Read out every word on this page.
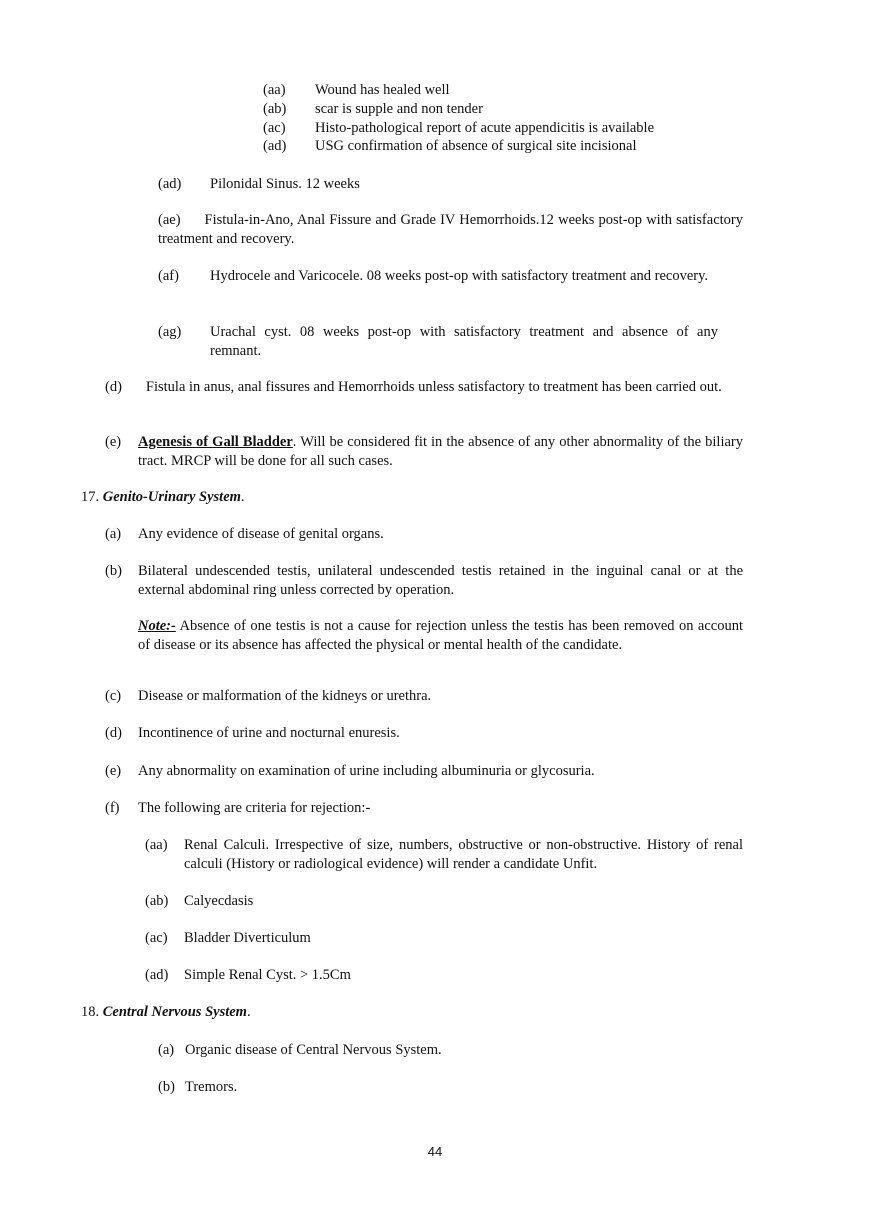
(aa)	Wound has healed well
(ab)	scar is supple and non tender
(ac)	Histo-pathological report of acute appendicitis is available
(ad)	USG confirmation of absence of surgical site incisional
(ad)	Pilonidal Sinus. 12 weeks
(ae) Fistula-in-Ano, Anal Fissure and Grade IV Hemorrhoids.12 weeks post-op with satisfactory treatment and recovery.
(af)	Hydrocele and Varicocele. 08 weeks post-op with satisfactory treatment and recovery.
(ag)	Urachal cyst. 08 weeks post-op with satisfactory treatment and absence of any remnant.
(d) Fistula in anus, anal fissures and Hemorrhoids unless satisfactory to treatment has been carried out.
(e)	Agenesis of Gall Bladder. Will be considered fit in the absence of any other abnormality of the biliary tract. MRCP will be done for all such cases.
17. Genito-Urinary System.
(a)	Any evidence of disease of genital organs.
(b)	Bilateral undescended testis, unilateral undescended testis retained in the inguinal canal or at the external abdominal ring unless corrected by operation.
Note:- Absence of one testis is not a cause for rejection unless the testis has been removed on account of disease or its absence has affected the physical or mental health of the candidate.
(c)	Disease or malformation of the kidneys or urethra.
(d)	Incontinence of urine and nocturnal enuresis.
(e)	Any abnormality on examination of urine including albuminuria or glycosuria.
(f)	The following are criteria for rejection:-
(aa)	Renal Calculi. Irrespective of size, numbers, obstructive or non-obstructive. History of renal calculi (History or radiological evidence) will render a candidate Unfit.
(ab)	Calyecdasis
(ac)	Bladder Diverticulum
(ad)	Simple Renal Cyst. > 1.5Cm
18. Central Nervous System.
(a) Organic disease of Central Nervous System.
(b) Tremors.
44
